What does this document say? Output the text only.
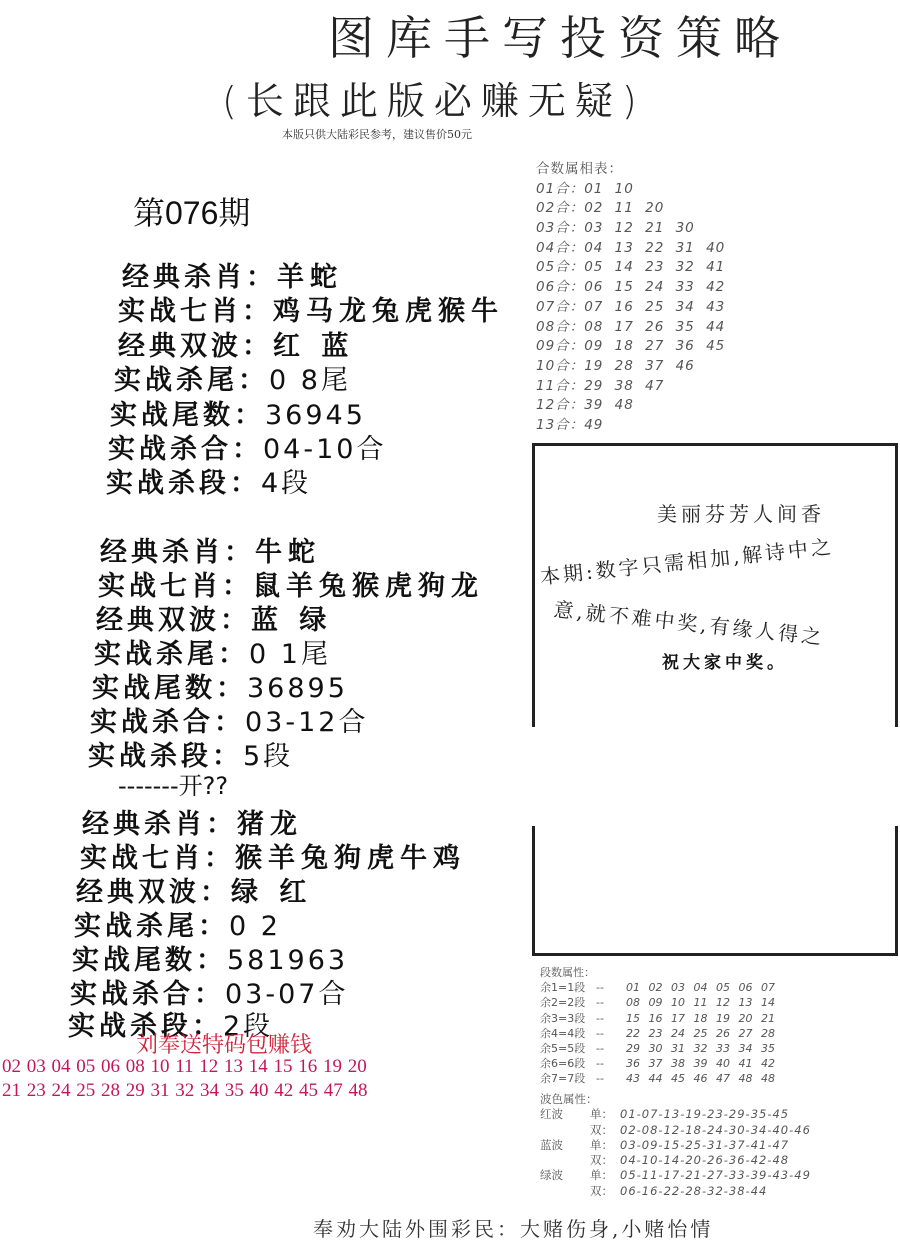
图库手写投资策略
(长跟此版必赚无疑)
本版只供大陆彩民参考，建议售价50元
第076期
经典杀肖：羊蛇
实战七肖：鸡马龙兔虎猴牛
经典双波：红 蓝
实战杀尾：0 8尾
实战尾数：36945
实战杀合：04-10合
实战杀段：4段
经典杀肖：牛蛇
实战七肖：鼠羊兔猴虎狗龙
经典双波：蓝 绿
实战杀尾：0 1尾
实战尾数：36895
实战杀合：03-12合
实战杀段：5段
-------开??
经典杀肖：猪龙
实战七肖：猴羊兔狗虎牛鸡
经典双波：绿 红
实战杀尾：0 2
实战尾数：581963
实战杀合：03-07合
实战杀段：2段
刘奉送特码包赚钱
02 03 04 05 06 08 10 11 12 13 14 15 16 19 20
21 23 24 25 28 29 31 32 34 35 40 42 45 47 48
合数属相表：
01合：01 10
02合：02 11 20
03合：03 12 21 30
04合：04 13 22 31 40
05合：05 14 23 32 41
06合：06 15 24 33 42
07合：07 16 25 34 43
08合：08 17 26 35 44
09合：09 18 27 36 45
10合：19 28 37 46
11合：29 38 47
12合：39 48
13合：49
美丽芬芳人间香
本期:数字只需相加,解诗中之
意,就不难中奖,有缘人得之
祝大家中奖。
段数属性：
余1=1段 -- 01 02 03 04 05 06 07
余2=2段 -- 08 09 10 11 12 13 14
余3=3段 -- 15 16 17 18 19 20 21
余4=4段 -- 22 23 24 25 26 27 28
余5=5段 -- 29 30 31 32 33 34 35
余6=6段 -- 36 37 38 39 40 41 42
余7=7段 -- 43 44 45 46 47 48 48
波色属性：
红波 单： 01-07-13-19-23-29-35-45
双： 02-08-12-18-24-30-34-40-46
蓝波 单： 03-09-15-25-31-37-41-47
双： 04-10-14-20-26-36-42-48
绿波 单： 05-11-17-21-27-33-39-43-49
双： 06-16-22-28-32-38-44
奉劝大陆外围彩民：大赌伤身,小赌怡情
